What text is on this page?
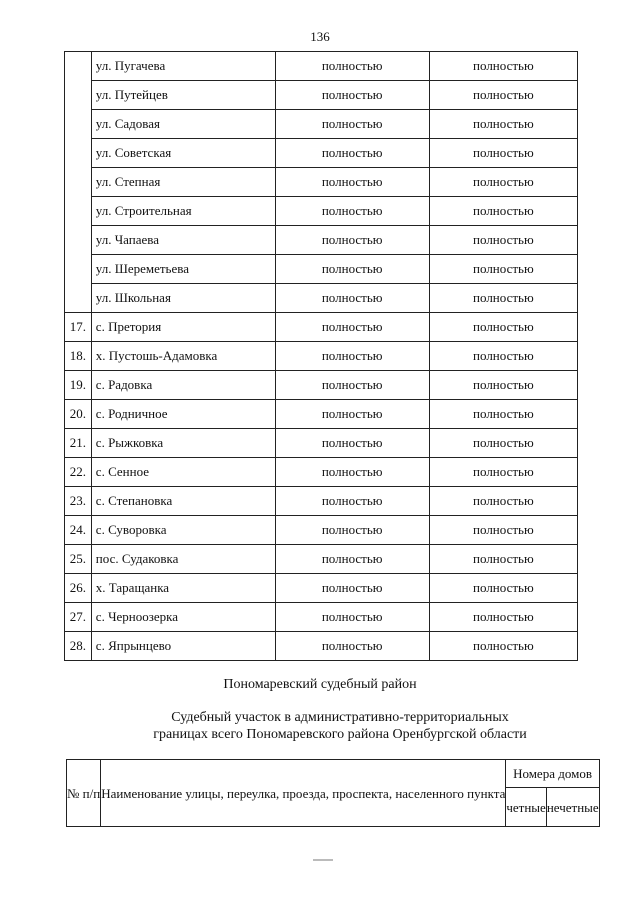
136
	ул. Пугачева	полностью	полностью
	ул. Путейцев	полностью	полностью
	ул. Садовая	полностью	полностью
	ул. Советская	полностью	полностью
	ул. Степная	полностью	полностью
	ул. Строительная	полностью	полностью
	ул. Чапаева	полностью	полностью
	ул. Шереметьева	полностью	полностью
	ул. Школьная	полностью	полностью
17.	с. Претория	полностью	полностью
18.	х. Пустошь-Адамовка	полностью	полностью
19.	с. Радовка	полностью	полностью
20.	с. Родничное	полностью	полностью
21.	с. Рыжковка	полностью	полностью
22.	с. Сенное	полностью	полностью
23.	с. Степановка	полностью	полностью
24.	с. Суворовка	полностью	полностью
25.	пос. Судаковка	полностью	полностью
26.	х. Таращанка	полностью	полностью
27.	с. Черноозерка	полностью	полностью
28.	с. Япрынцево	полностью	полностью
Пономаревский судебный район
Судебный участок в административно-территориальных границах всего Пономаревского района Оренбургской области
№ п/п	Наименование улицы, переулка, проезда, проспекта, населенного пункта	Номера домов	
		четные	нечетные
